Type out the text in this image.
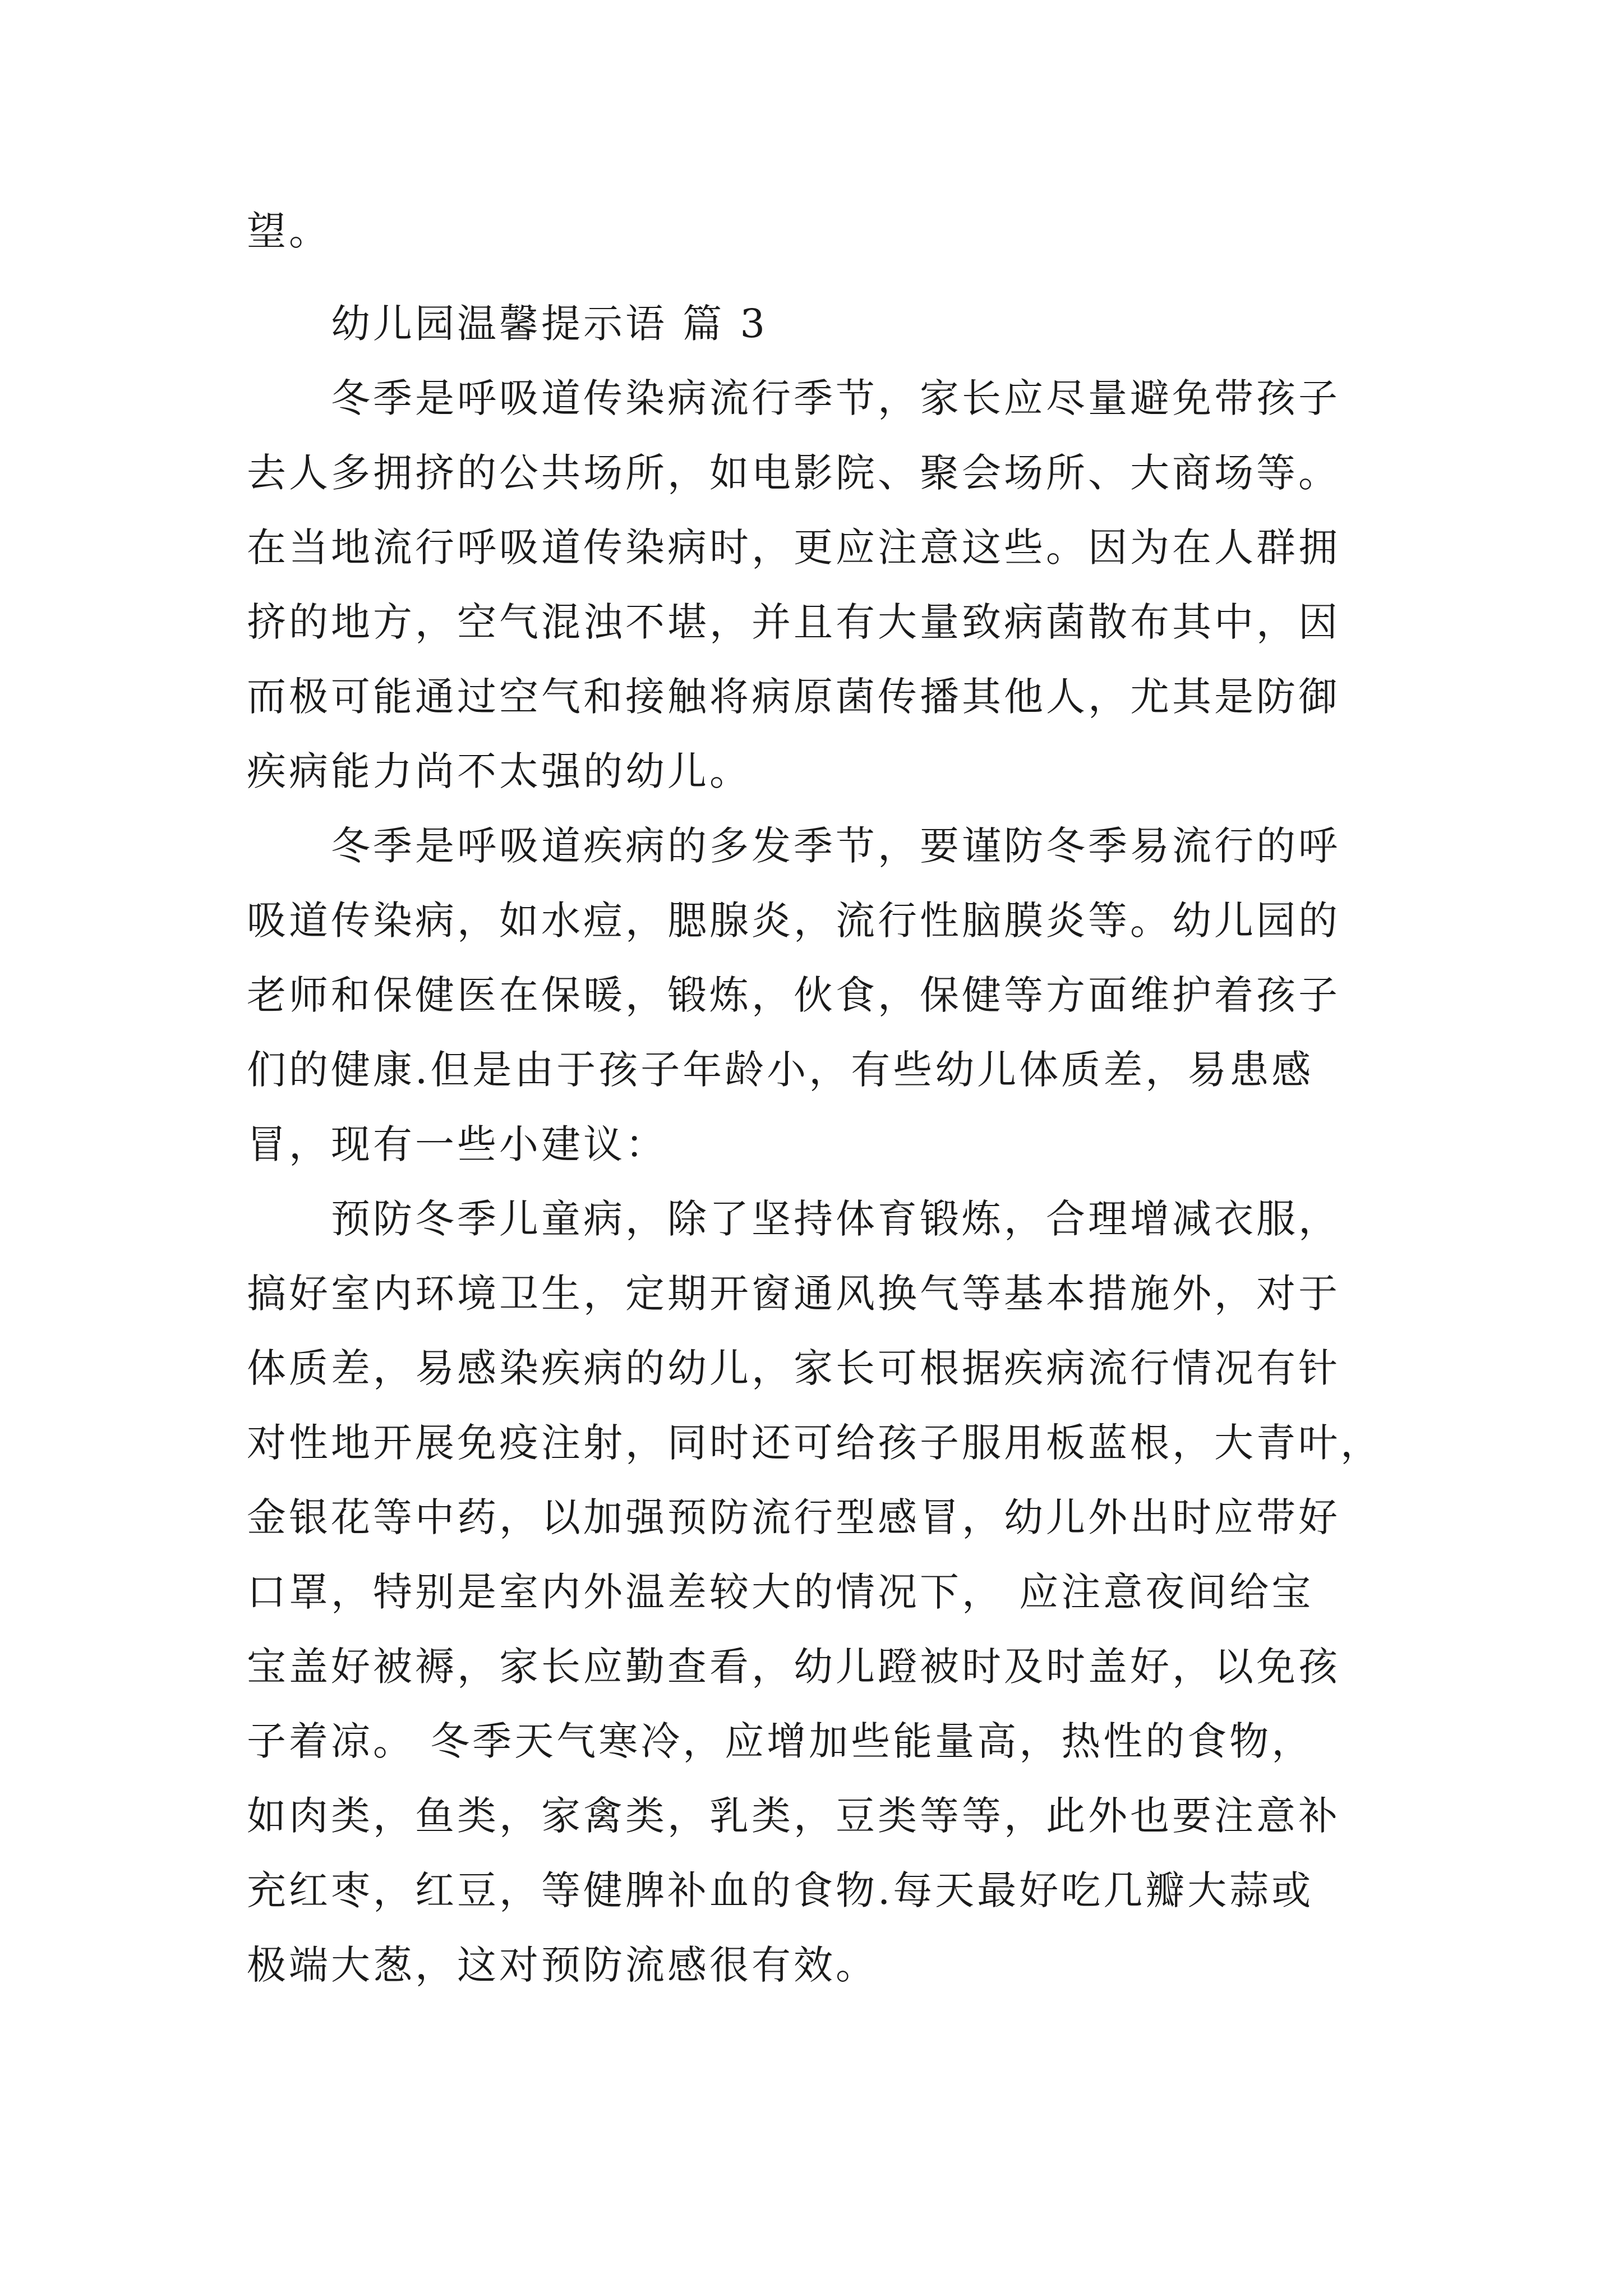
望。
幼儿园温馨提示语 篇 3
冬季是呼吸道传染病流行季节，家长应尽量避免带孩子
去人多拥挤的公共场所，如电影院、聚会场所、大商场等。
在当地流行呼吸道传染病时，更应注意这些。因为在人群拥
挤的地方，空气混浊不堪，并且有大量致病菌散布其中，因
而极可能通过空气和接触将病原菌传播其他人，尤其是防御
疾病能力尚不太强的幼儿。
冬季是呼吸道疾病的多发季节，要谨防冬季易流行的呼
吸道传染病，如水痘，腮腺炎，流行性脑膜炎等。幼儿园的
老师和保健医在保暖，锻炼，伙食，保健等方面维护着孩子
们的健康.但是由于孩子年龄小，有些幼儿体质差，易患感
冒，现有一些小建议：
预防冬季儿童病，除了坚持体育锻炼，合理增减衣服，
搞好室内环境卫生，定期开窗通风换气等基本措施外，对于
体质差，易感染疾病的幼儿，家长可根据疾病流行情况有针
对性地开展免疫注射，同时还可给孩子服用板蓝根，大青叶，
金银花等中药，以加强预防流行型感冒，幼儿外出时应带好
口罩，特别是室内外温差较大的情况下， 应注意夜间给宝
宝盖好被褥，家长应勤查看，幼儿蹬被时及时盖好，以免孩
子着凉。 冬季天气寒冷，应增加些能量高，热性的食物，
如肉类，鱼类，家禽类，乳类，豆类等等，此外也要注意补
充红枣，红豆，等健脾补血的食物.每天最好吃几瓣大蒜或
极端大葱，这对预防流感很有效。
